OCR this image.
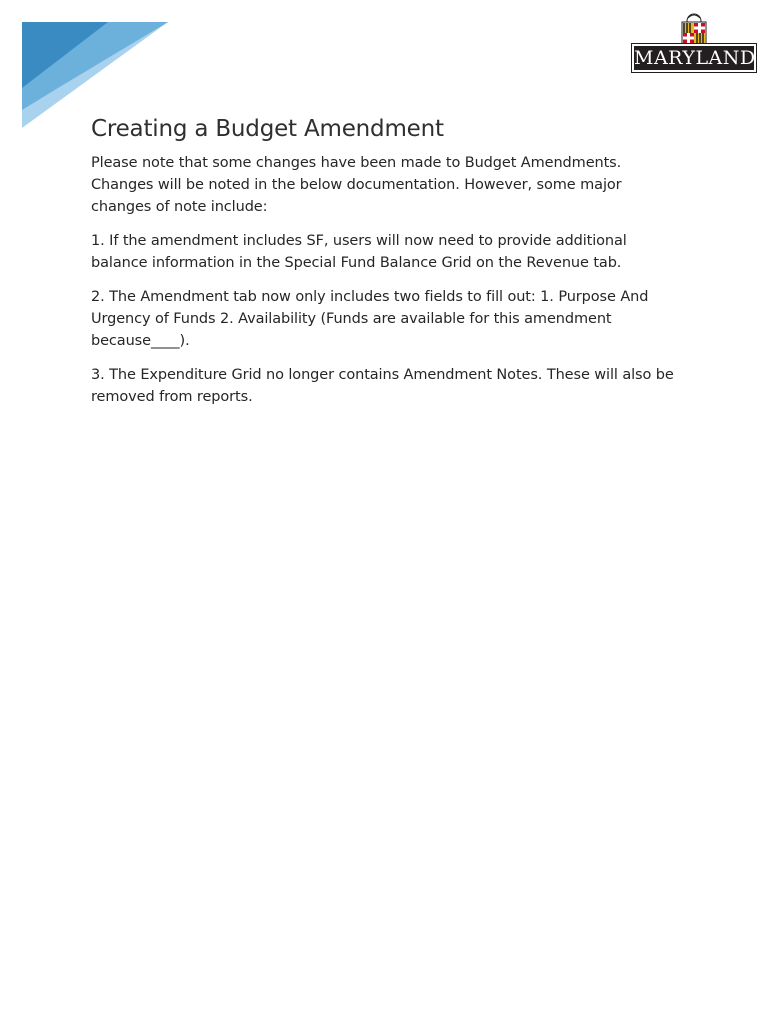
MARYLAND
Creating a Budget Amendment

Please note that some changes have been made to Budget Amendments. Changes will be noted in the below documentation. However, some major changes of note include:

1. If the amendment includes SF, users will now need to provide additional balance information in the Special Fund Balance Grid on the Revenue tab.

2. The Amendment tab now only includes two fields to fill out: 1. Purpose And Urgency of Funds 2. Availability (Funds are available for this amendment because____).

3. The Expenditure Grid no longer contains Amendment Notes. These will also be removed from reports.
